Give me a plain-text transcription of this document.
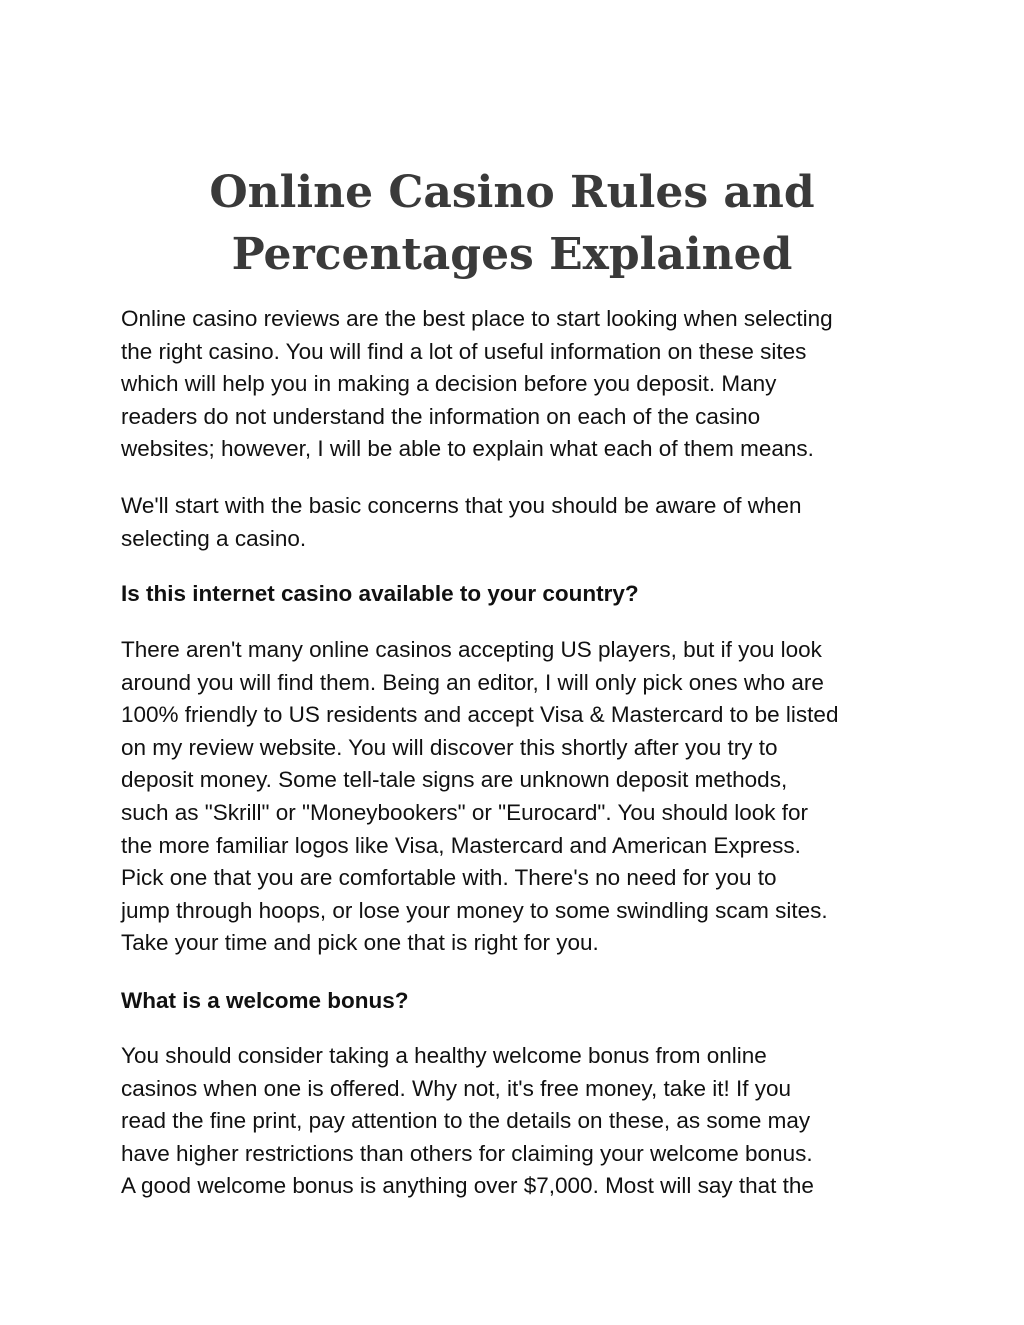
Online Casino Rules and
Percentages Explained
Online casino reviews are the best place to start looking when selecting
the right casino. You will find a lot of useful information on these sites
which will help you in making a decision before you deposit. Many
readers do not understand the information on each of the casino
websites; however, I will be able to explain what each of them means.
We'll start with the basic concerns that you should be aware of when
selecting a casino.
Is this internet casino available to your country?
There aren't many online casinos accepting US players, but if you look
around you will find them. Being an editor, I will only pick ones who are
100% friendly to US residents and accept Visa & Mastercard to be listed
on my review website. You will discover this shortly after you try to
deposit money. Some tell-tale signs are unknown deposit methods,
such as "Skrill" or "Moneybookers" or "Eurocard". You should look for
the more familiar logos like Visa, Mastercard and American Express.
Pick one that you are comfortable with. There's no need for you to
jump through hoops, or lose your money to some swindling scam sites.
Take your time and pick one that is right for you.
What is a welcome bonus?
You should consider taking a healthy welcome bonus from online
casinos when one is offered. Why not, it's free money, take it! If you
read the fine print, pay attention to the details on these, as some may
have higher restrictions than others for claiming your welcome bonus.
A good welcome bonus is anything over $7,000. Most will say that the
